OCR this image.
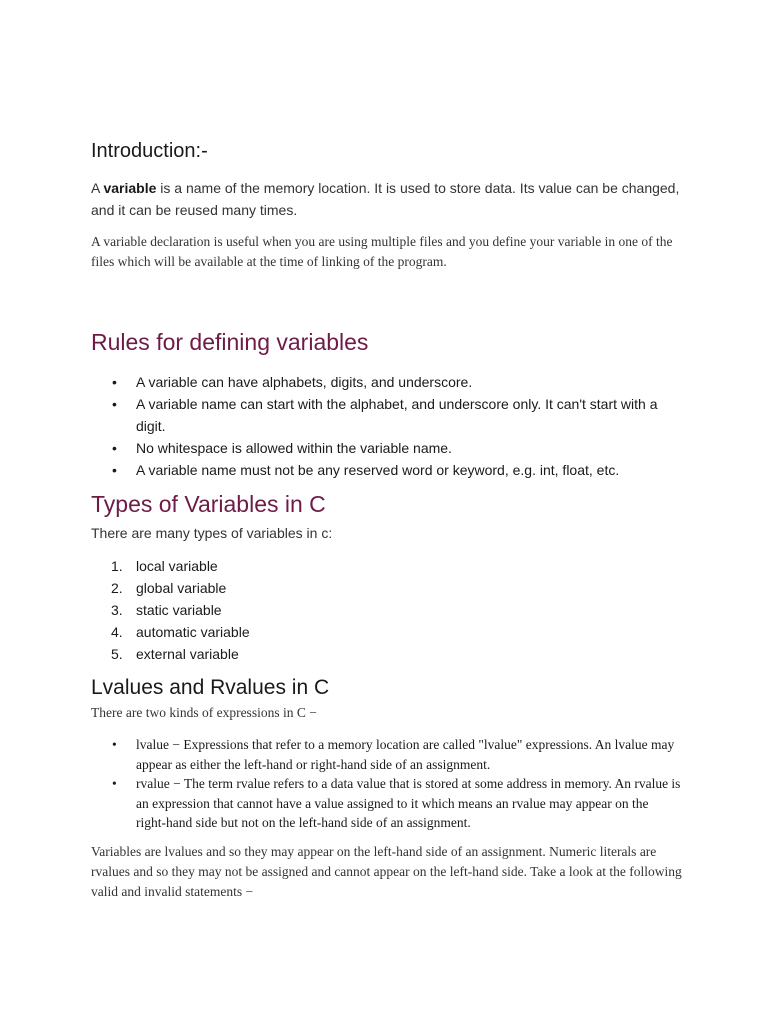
Introduction:-

A variable is a name of the memory location. It is used to store data. Its value can be changed, and it can be reused many times.

A variable declaration is useful when you are using multiple files and you define your variable in one of the files which will be available at the time of linking of the program.

Rules for defining variables
• A variable can have alphabets, digits, and underscore.
• A variable name can start with the alphabet, and underscore only. It can't start with a digit.
• No whitespace is allowed within the variable name.
• A variable name must not be any reserved word or keyword, e.g. int, float, etc.
Types of Variables in C

There are many types of variables in c:

1. local variable
2. global variable
3. static variable
4. automatic variable
5. external variable
Lvalues and Rvalues in C

There are two kinds of expressions in C −

• lvalue − Expressions that refer to a memory location are called "lvalue" expressions. An lvalue may appear as either the left-hand or right-hand side of an assignment.
• rvalue − The term rvalue refers to a data value that is stored at some address in memory. An rvalue is an expression that cannot have a value assigned to it which means an rvalue may appear on the right-hand side but not on the left-hand side of an assignment.

Variables are lvalues and so they may appear on the left-hand side of an assignment. Numeric literals are rvalues and so they may not be assigned and cannot appear on the left-hand side. Take a look at the following valid and invalid statements −
